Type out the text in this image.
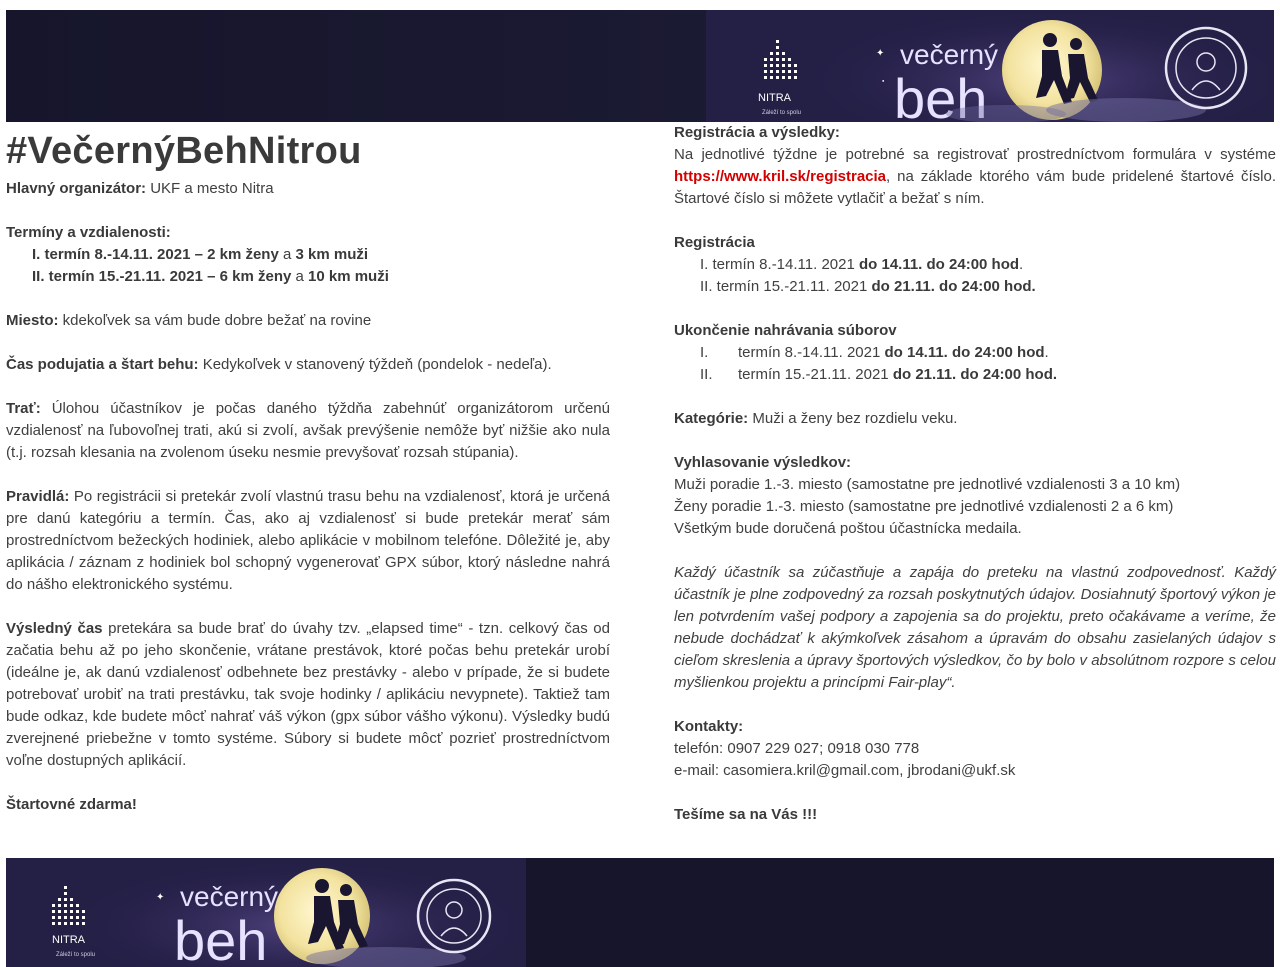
NITRA
Záleží to spolu
✦
●
večerný
beh
#VečernýBehNitrou

Hlavný organizátor: UKF a mesto Nitra

Termíny a vzdialenosti:

I. termín 8.-14.11. 2021 – 2 km ženy a 3 km muži

II. termín 15.-21.11. 2021 – 6 km ženy a 10 km muži

Miesto: kdekoľvek sa vám bude dobre bežať na rovine

Čas podujatia a štart behu: Kedykoľvek v stanovený týždeň (pondelok - nedeľa).

Trať: Úlohou účastníkov je počas daného týždňa zabehnúť organizátorom určenú vzdialenosť na ľubovoľnej trati, akú si zvolí, avšak prevýšenie nemôže byť nižšie ako nula (t.j. rozsah klesania na zvolenom úseku nesmie prevyšovať rozsah stúpania).

Pravidlá: Po registrácii si pretekár zvolí vlastnú trasu behu na vzdialenosť, ktorá je určená pre danú kategóriu a termín. Čas, ako aj vzdialenosť si bude pretekár merať sám prostredníctvom bežeckých hodiniek, alebo aplikácie v mobilnom telefóne. Dôležité je, aby aplikácia / záznam z hodiniek bol schopný vygenerovať GPX súbor, ktorý následne nahrá do nášho elektronického systému.

Výsledný čas pretekára sa bude brať do úvahy tzv. „elapsed time“ - tzn. celkový čas od začatia behu až po jeho skončenie, vrátane prestávok, ktoré počas behu pretekár urobí (ideálne je, ak danú vzdialenosť odbehnete bez prestávky - alebo v prípade, že si budete potrebovať urobiť na trati prestávku, tak svoje hodinky / aplikáciu nevypnete). Taktiež tam bude odkaz, kde budete môcť nahrať váš výkon (gpx súbor vášho výkonu). Výsledky budú zverejnené priebežne v tomto systéme. Súbory si budete môcť pozrieť prostredníctvom voľne dostupných aplikácií.

Štartovné zdarma!

Registrácia a výsledky:

Na jednotlivé týždne je potrebné sa registrovať prostredníctvom formulára v systéme https://www.kril.sk/registracia, na základe ktorého vám bude pridelené štartové číslo. Štartové číslo si môžete vytlačiť a bežať s ním.

Registrácia

I. termín 8.-14.11. 2021 do 14.11. do 24:00 hod.

II. termín 15.-21.11. 2021 do 21.11. do 24:00 hod.

Ukončenie nahrávania súborov

I. termín 8.-14.11. 2021 do 14.11. do 24:00 hod.

II. termín 15.-21.11. 2021 do 21.11. do 24:00 hod.

Kategórie: Muži a ženy bez rozdielu veku.

Vyhlasovanie výsledkov:

Muži poradie 1.-3. miesto (samostatne pre jednotlivé vzdialenosti 3 a 10 km)

Ženy poradie 1.-3. miesto (samostatne pre jednotlivé vzdialenosti 2 a 6 km)

Všetkým bude doručená poštou účastnícka medaila.

Každý účastník sa zúčastňuje a zapája do preteku na vlastnú zodpovednosť. Každý účastník je plne zodpovedný za rozsah poskytnutých údajov. Dosiahnutý športový výkon je len potvrdením vašej podpory a zapojenia sa do projektu, preto očakávame a veríme, že nebude dochádzať k akýmkoľvek zásahom a úpravám do obsahu zasielaných údajov s cieľom skreslenia a úpravy športových výsledkov, čo by bolo v absolútnom rozpore s celou myšlienkou projektu a princípmi Fair-play“.

Kontakty:

telefón: 0907 229 027; 0918 030 778

e-mail: casomiera.kril@gmail.com, jbrodani@ukf.sk

Tešíme sa na Vás !!!

NITRA
Záleží to spolu
✦ večerný
beh
